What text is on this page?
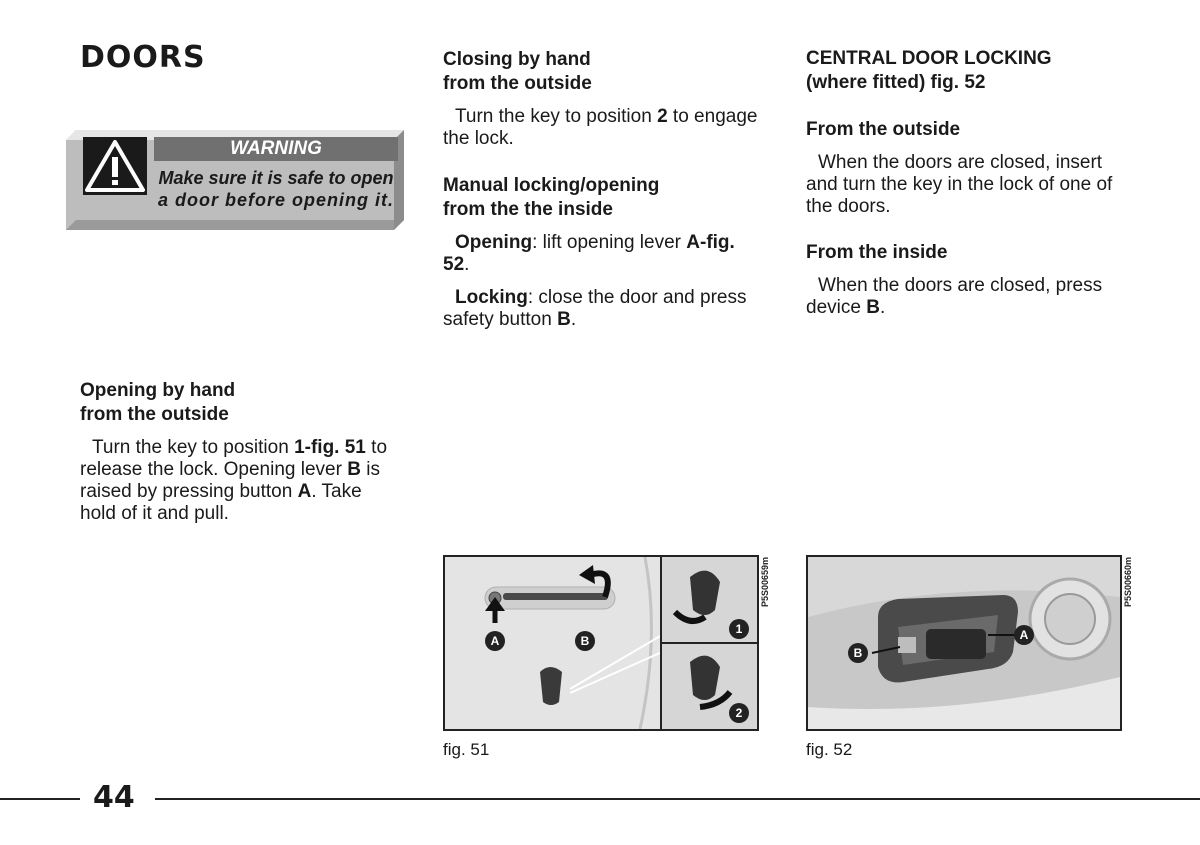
DOORS
WARNING
Make sure it is safe to open
a door before opening it.

Opening by hand
from the outside

Turn the key to position 1-fig. 51 to release the lock. Opening lever B is raised by pressing button A. Take hold of it and pull.

Closing by hand
from the outside

Turn the key to position 2 to engage the lock.

Manual locking/opening
from the the inside

Opening: lift opening lever A-fig. 52.

Locking: close the door and press safety button B.

CENTRAL DOOR LOCKING
(where fitted) fig. 52

From the outside

When the doors are closed, insert and turn the key in the lock of one of the doors.

From the inside

When the doors are closed, press device B.

A	B
1
2
P5S00659m
fig. 51
A
B
P5S00660m
fig. 52
44
